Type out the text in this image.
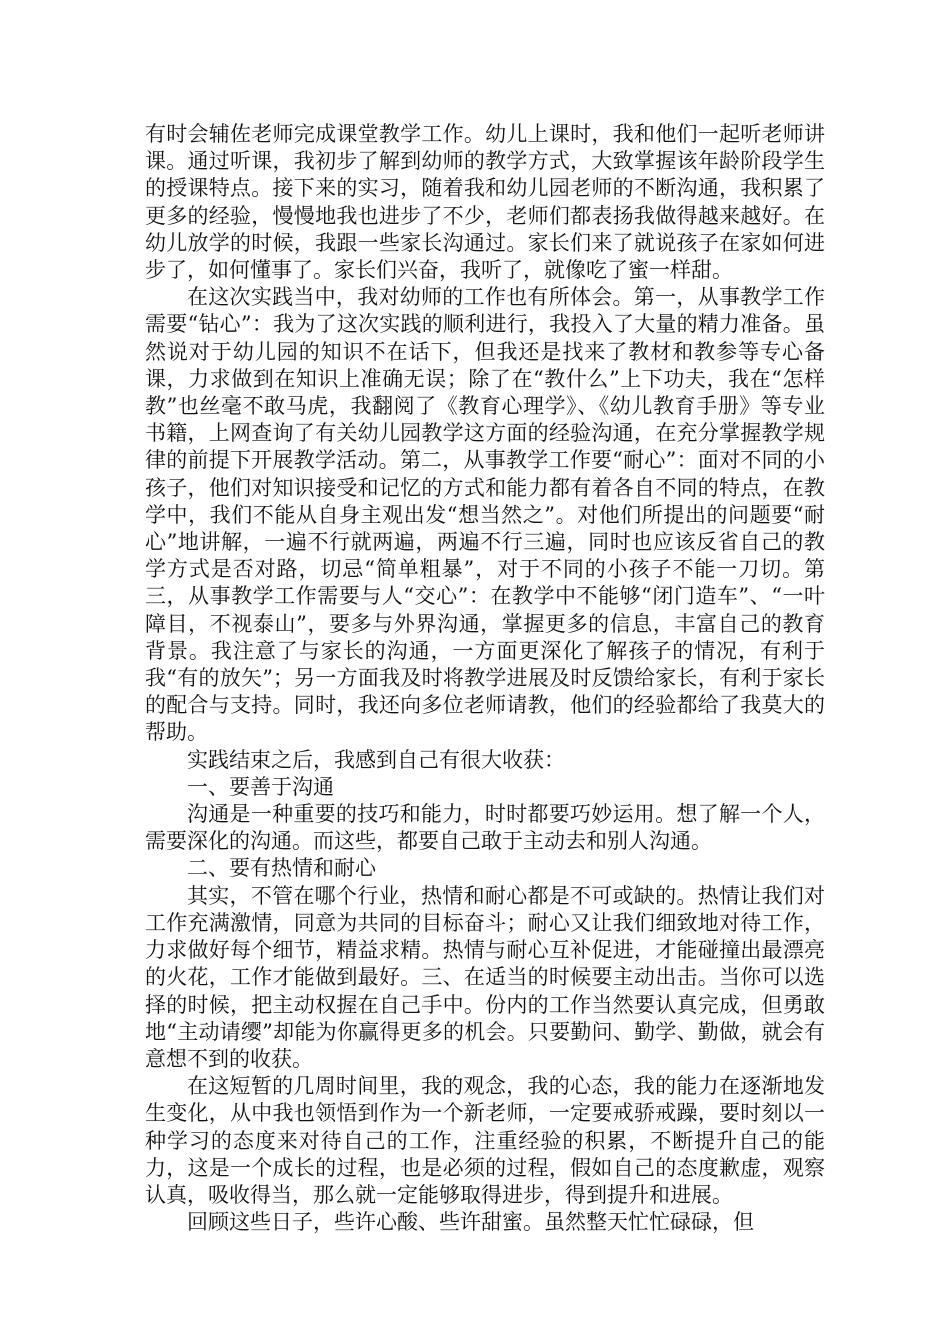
有时会辅佐老师完成课堂教学工作。幼儿上课时，我和他们一起听老师讲课。通过听课，我初步了解到幼师的教学方式，大致掌握该年龄阶段学生的授课特点。接下来的实习，随着我和幼儿园老师的不断沟通，我积累了更多的经验，慢慢地我也进步了不少，老师们都表扬我做得越来越好。在幼儿放学的时候，我跟一些家长沟通过。家长们来了就说孩子在家如何进步了，如何懂事了。家长们兴奋，我听了，就像吃了蜜一样甜。

在这次实践当中，我对幼师的工作也有所体会。第一，从事教学工作需要“钻心”：我为了这次实践的顺利进行，我投入了大量的精力准备。虽然说对于幼儿园的知识不在话下，但我还是找来了教材和教参等专心备课，力求做到在知识上准确无误；除了在“教什么”上下功夫，我在“怎样教”也丝毫不敢马虎，我翻阅了《教育心理学》、《幼儿教育手册》等专业书籍，上网查询了有关幼儿园教学这方面的经验沟通，在充分掌握教学规律的前提下开展教学活动。第二，从事教学工作要“耐心”：面对不同的小孩子，他们对知识接受和记忆的方式和能力都有着各自不同的特点，在教学中，我们不能从自身主观出发“想当然之”。对他们所提出的问题要“耐心”地讲解，一遍不行就两遍，两遍不行三遍，同时也应该反省自己的教学方式是否对路，切忌“简单粗暴”，对于不同的小孩子不能一刀切。第三，从事教学工作需要与人“交心”：在教学中不能够“闭门造车”、“一叶障目，不视泰山”，要多与外界沟通，掌握更多的信息，丰富自己的教育背景。我注意了与家长的沟通，一方面更深化了解孩子的情况，有利于我“有的放矢”；另一方面我及时将教学进展及时反馈给家长，有利于家长的配合与支持。同时，我还向多位老师请教，他们的经验都给了我莫大的帮助。

实践结束之后，我感到自己有很大收获：

一、要善于沟通

沟通是一种重要的技巧和能力，时时都要巧妙运用。想了解一个人，需要深化的沟通。而这些，都要自己敢于主动去和别人沟通。

二、要有热情和耐心

其实，不管在哪个行业，热情和耐心都是不可或缺的。热情让我们对工作充满激情，同意为共同的目标奋斗；耐心又让我们细致地对待工作，力求做好每个细节，精益求精。热情与耐心互补促进，才能碰撞出最漂亮的火花，工作才能做到最好。三、在适当的时候要主动出击。当你可以选择的时候，把主动权握在自己手中。份内的工作当然要认真完成，但勇敢地“主动请缨”却能为你赢得更多的机会。只要勤问、勤学、勤做，就会有意想不到的收获。

在这短暂的几周时间里，我的观念，我的心态，我的能力在逐渐地发生变化，从中我也领悟到作为一个新老师，一定要戒骄戒躁，要时刻以一种学习的态度来对待自己的工作，注重经验的积累，不断提升自己的能力，这是一个成长的过程，也是必须的过程，假如自己的态度歉虚，观察认真，吸收得当，那么就一定能够取得进步，得到提升和进展。

回顾这些日子，些许心酸、些许甜蜜。虽然整天忙忙碌碌，但
